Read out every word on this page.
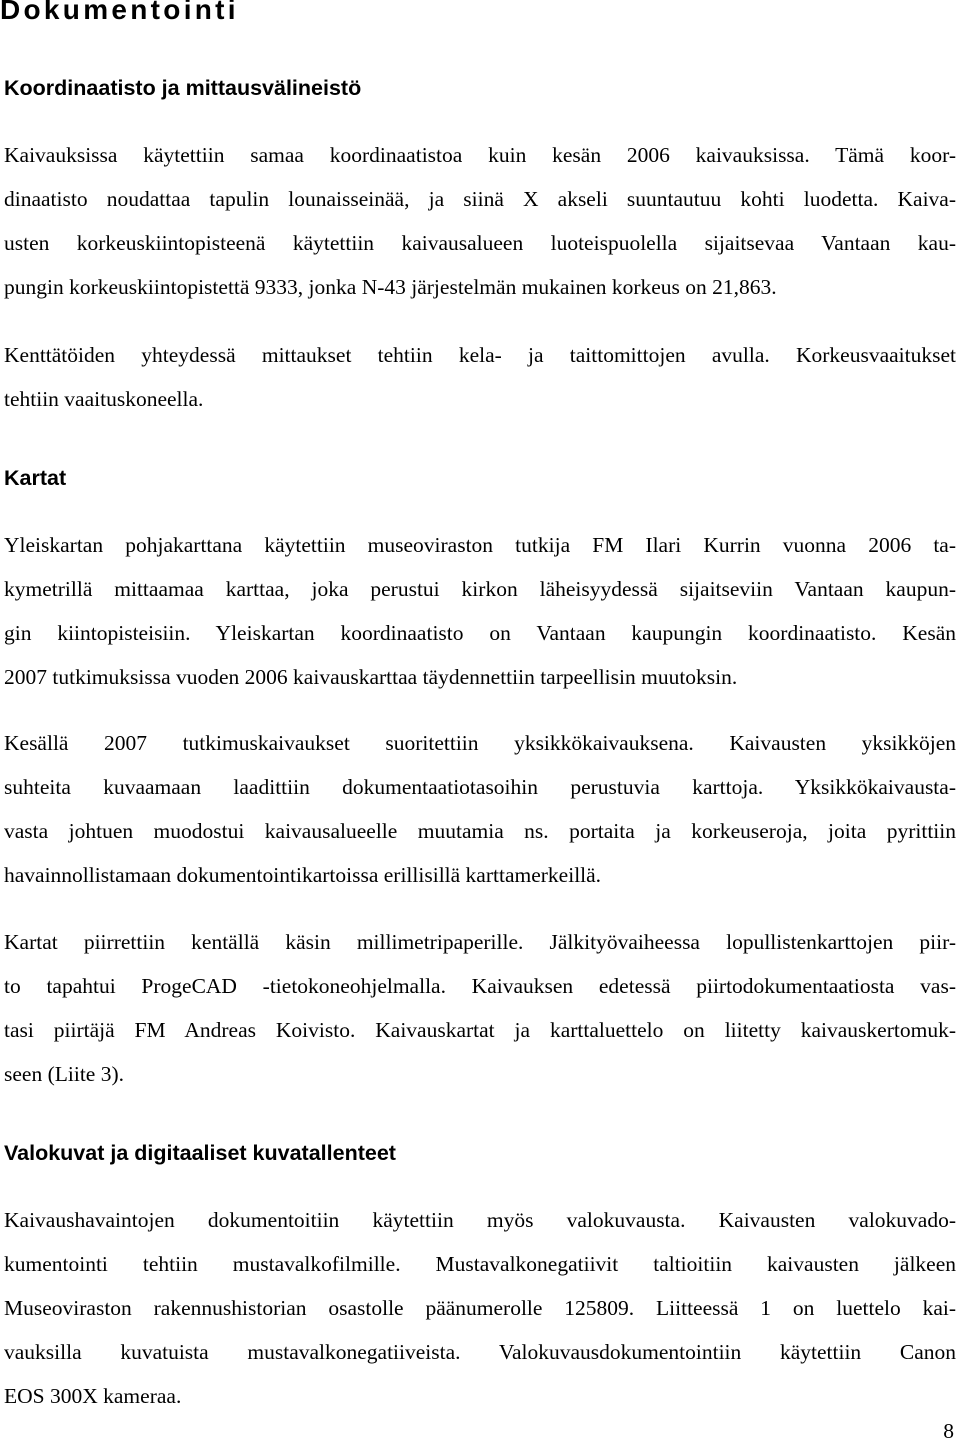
Dokumentointi
Koordinaatisto ja mittausvälineistö
Kaivauksissa käytettiin samaa koordinaatistoa kuin kesän 2006 kaivauksissa. Tämä koor-
dinaatisto noudattaa tapulin lounaisseinää, ja siinä X akseli suuntautuu kohti luodetta. Kaiva-
usten korkeuskiintopisteenä käytettiin kaivausalueen luoteispuolella sijaitsevaa Vantaan kau-
pungin korkeuskiintopistettä 9333, jonka N-43 järjestelmän mukainen korkeus on 21,863.
Kenttätöiden yhteydessä mittaukset tehtiin kela- ja taittomittojen avulla. Korkeusvaaitukset
tehtiin vaaituskoneella.
Kartat
Yleiskartan pohjakarttana käytettiin museoviraston tutkija FM Ilari Kurrin vuonna 2006 ta-
kymetrillä mittaamaa karttaa, joka perustui kirkon läheisyydessä sijaitseviin Vantaan kaupun-
gin kiintopisteisiin. Yleiskartan koordinaatisto on Vantaan kaupungin koordinaatisto. Kesän
2007 tutkimuksissa vuoden 2006 kaivauskarttaa täydennettiin tarpeellisin muutoksin.
Kesällä 2007 tutkimuskaivaukset suoritettiin yksikkökaivauksena. Kaivausten yksikköjen
suhteita kuvaamaan laadittiin dokumentaatiotasoihin perustuvia karttoja. Yksikkökaivausta-
vasta johtuen muodostui kaivausalueelle muutamia ns. portaita ja korkeuseroja, joita pyrittiin
havainnollistamaan dokumentointikartoissa erillisillä karttamerkeillä.
Kartat piirrettiin kentällä käsin millimetripaperille. Jälkityövaiheessa lopullistenkarttojen piir-
to tapahtui ProgeCAD -tietokoneohjelmalla. Kaivauksen edetessä piirtodokumentaatiosta vas-
tasi piirtäjä FM Andreas Koivisto. Kaivauskartat ja karttaluettelo on liitetty kaivauskertomuk-
seen (Liite 3).
Valokuvat ja digitaaliset kuvatallenteet
Kaivaushavaintojen dokumentoitiin käytettiin myös valokuvausta. Kaivausten valokuvado-
kumentointi tehtiin mustavalkofilmille. Mustavalkonegatiivit taltioitiin kaivausten jälkeen
Museoviraston rakennushistorian osastolle päänumerolle 125809. Liitteessä 1 on luettelo kai-
vauksilla kuvatuista mustavalkonegatiiveista. Valokuvausdokumentointiin käytettiin Canon
EOS 300X kameraa.
8
